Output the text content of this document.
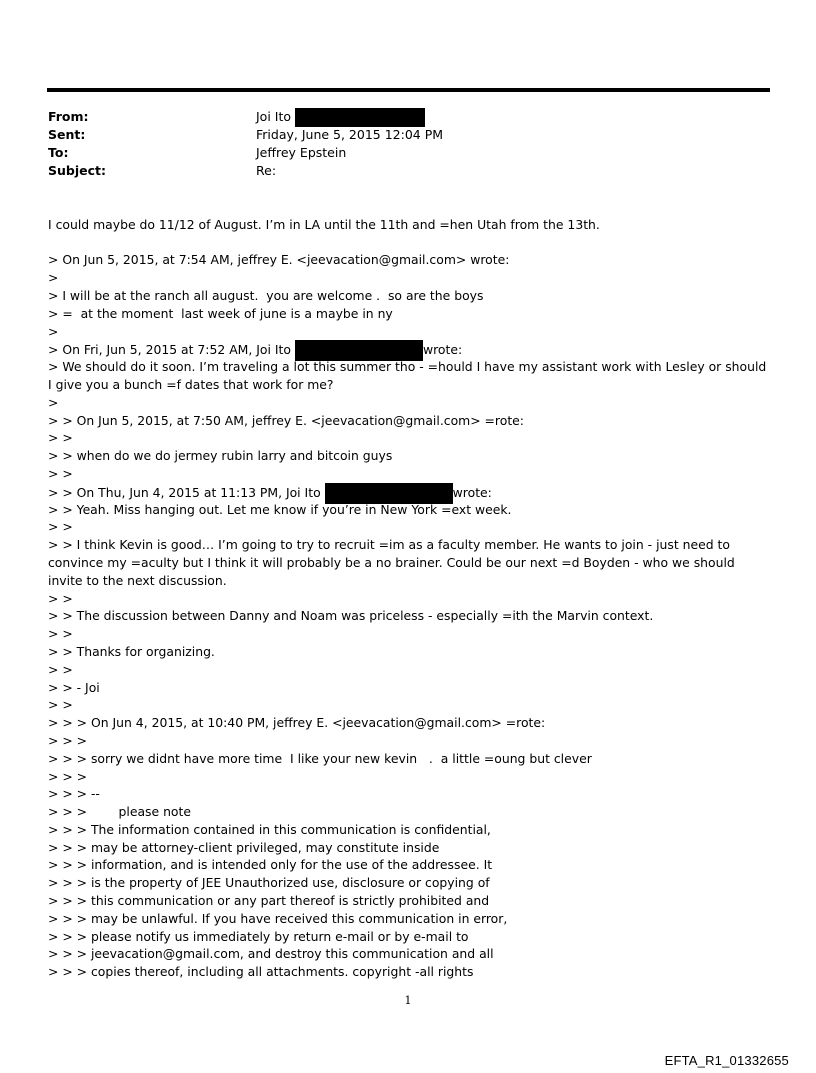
From:	Joi Ito
Sent:	Friday, June 5, 2015 12:04 PM
To:	Jeffrey Epstein
Subject:	Re:
I could maybe do 11/12 of August. I’m in LA until the 11th and =hen Utah from the 13th.
> On Jun 5, 2015, at 7:54 AM, jeffrey E. <jeevacation@gmail.com> wrote:
>
> I will be at the ranch all august.  you are welcome .  so are the boys
> =  at the moment  last week of june is a maybe in ny
>
> On Fri, Jun 5, 2015 at 7:52 AM, Joi Ito	wrote:
> We should do it soon. I’m traveling a lot this summer tho - =hould I have my assistant work with Lesley or should I give you a bunch =f dates that work for me?
>
> > On Jun 5, 2015, at 7:50 AM, jeffrey E. <jeevacation@gmail.com> =rote:
> >
> > when do we do jermey rubin larry and bitcoin guys
> >
> > On Thu, Jun 4, 2015 at 11:13 PM, Joi Ito	wrote:
> > Yeah. Miss hanging out. Let me know if you’re in New York =ext week.
> >
> > I think Kevin is good… I’m going to try to recruit =im as a faculty member. He wants to join - just need to convince my =aculty but I think it will probably be a no brainer. Could be our next =d Boyden - who we should invite to the next discussion.
> >
> > The discussion between Danny and Noam was priceless - especially =ith the Marvin context.
> >
> > Thanks for organizing.
> >
> > - Joi
> >
> > > On Jun 4, 2015, at 10:40 PM, jeffrey E. <jeevacation@gmail.com> =rote:
> > >
> > > sorry we didnt have more time  I like your new kevin   .  a little =oung but clever
> > >
> > > --
> > >        please note
> > > The information contained in this communication is confidential,
> > > may be attorney-client privileged, may constitute inside
> > > information, and is intended only for the use of the addressee. It
> > > is the property of JEE Unauthorized use, disclosure or copying of
> > > this communication or any part thereof is strictly prohibited and
> > > may be unlawful. If you have received this communication in error,
> > > please notify us immediately by return e-mail or by e-mail to
> > > jeevacation@gmail.com, and destroy this communication and all
> > > copies thereof, including all attachments. copyright -all rights
1
EFTA_R1_01332655
